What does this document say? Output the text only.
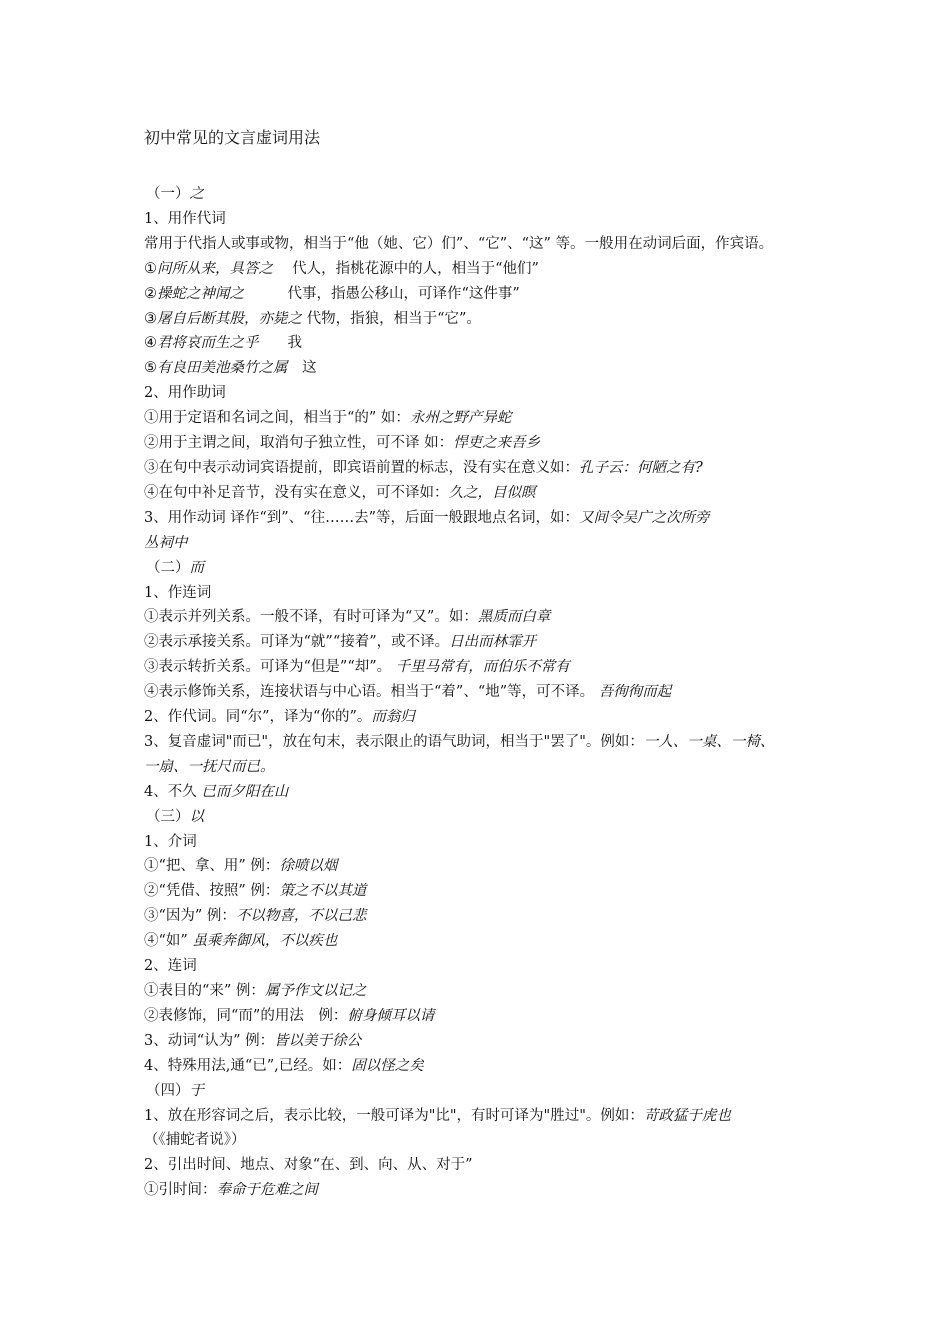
初中常见的文言虚词用法
（一）之
1、用作代词
常用于代指人或事或物，相当于“他（她、它）们”、“它”、“这” 等。一般用在动词后面，作宾语。
①问所从来，具答之　 代人，指桃花源中的人，相当于“他们”
②操蛇之神闻之　　　代事，指愚公移山，可译作“这件事”
③屠自后断其股，亦毙之 代物，指狼，相当于“它”。
④君将哀而生之乎　　我
⑤有良田美池桑竹之属　这
2、用作助词
①用于定语和名词之间，相当于“的” 如：永州之野产异蛇
②用于主谓之间，取消句子独立性，可不译 如：悍吏之来吾乡
③在句中表示动词宾语提前，即宾语前置的标志，没有实在意义如：孔子云：何陋之有?
④在句中补足音节，没有实在意义，可不译如：久之，目似瞑
3、用作动词 译作“到”、“往……去”等，后面一般跟地点名词，如：又间令吴广之次所旁
丛祠中
（二）而
1、作连词
①表示并列关系。一般不译，有时可译为“又”。如：黑质而白章
②表示承接关系。可译为“就”“接着”，或不译。日出而林霏开
③表示转折关系。可译为“但是”“却”。 千里马常有，而伯乐不常有
④表示修饰关系，连接状语与中心语。相当于“着”、“地”等，可不译。 吾徇徇而起
2、作代词。同“尔”，译为“你的”。而翁归
3、复音虚词"而已"，放在句末，表示限止的语气助词，相当于"罢了"。例如：一人、一桌、一椅、
一扇、一抚尺而已。
4、不久 已而夕阳在山
（三）以
1、介词
①“把、拿、用” 例：徐喷以烟
②“凭借、按照” 例：策之不以其道
③“因为” 例：不以物喜，不以己悲
④“如” 虽乘奔御风，不以疾也
2、连词
①表目的“来” 例：属予作文以记之
②表修饰，同“而”的用法　例：俯身倾耳以请
3、动词“认为” 例：皆以美于徐公
4、特殊用法,通“已”,已经。如：固以怪之矣
（四）于
1、放在形容词之后，表示比较，一般可译为"比"，有时可译为"胜过"。例如：苛政猛于虎也
（《捕蛇者说》）
2、引出时间、地点、对象“在、到、向、从、对于”
①引时间：奉命于危难之间
